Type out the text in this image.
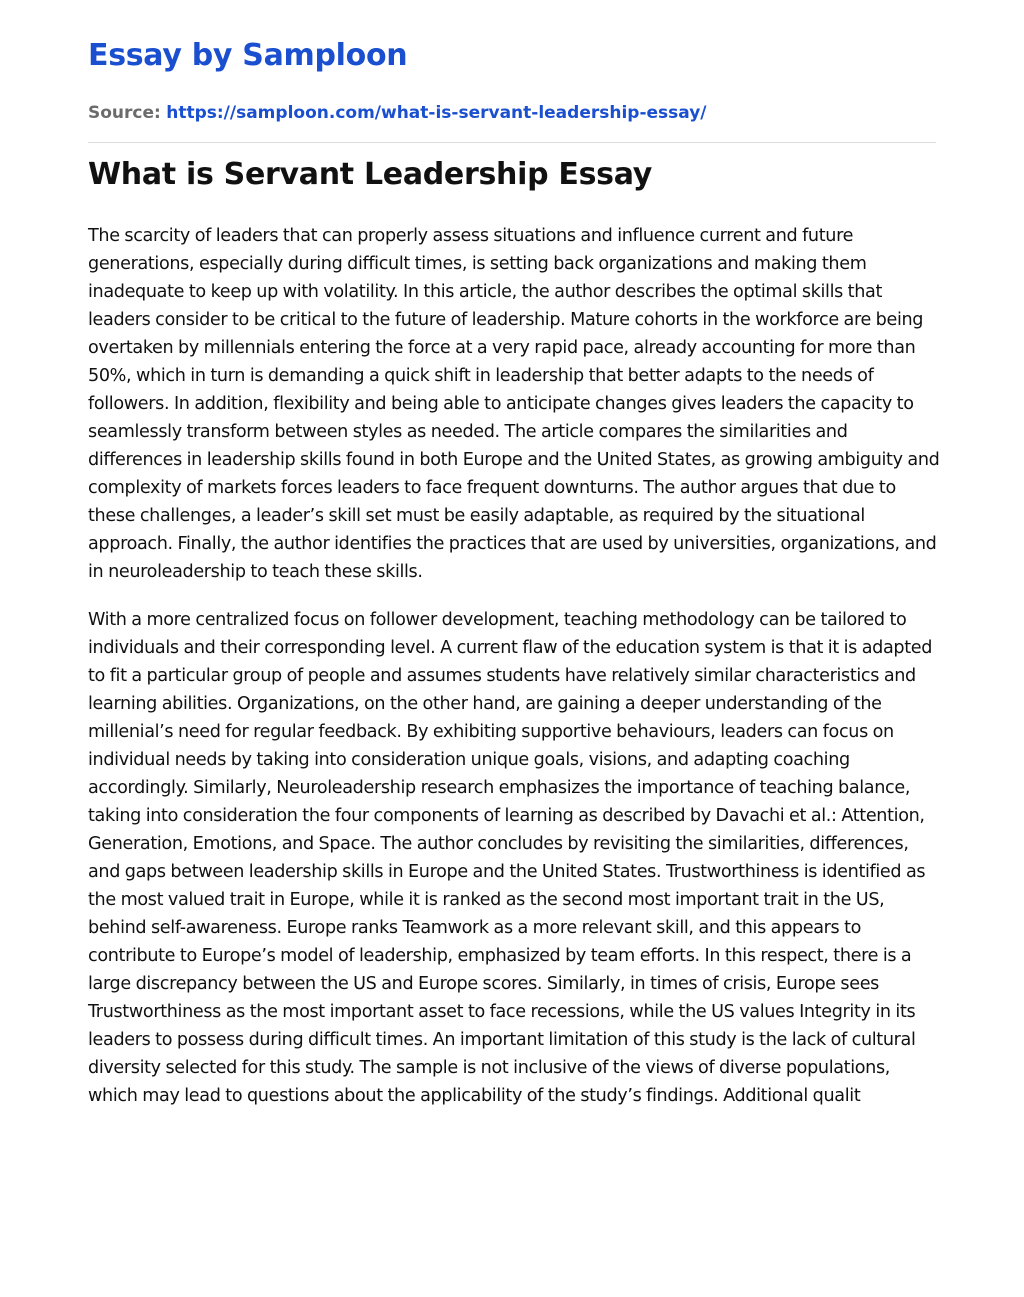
Essay by Samploon
Source: https://samploon.com/what-is-servant-leadership-essay/
What is Servant Leadership Essay

The scarcity of leaders that can properly assess situations and influence current and future generations, especially during difficult times, is setting back organizations and making them inadequate to keep up with volatility. In this article, the author describes the optimal skills that leaders consider to be critical to the future of leadership. Mature cohorts in the workforce are being overtaken by millennials entering the force at a very rapid pace, already accounting for more than 50%, which in turn is demanding a quick shift in leadership that better adapts to the needs of followers. In addition, flexibility and being able to anticipate changes gives leaders the capacity to seamlessly transform between styles as needed. The article compares the similarities and differences in leadership skills found in both Europe and the United States, as growing ambiguity and complexity of markets forces leaders to face frequent downturns. The author argues that due to these challenges, a leader’s skill set must be easily adaptable, as required by the situational approach. Finally, the author identifies the practices that are used by universities, organizations, and in neuroleadership to teach these skills.

With a more centralized focus on follower development, teaching methodology can be tailored to individuals and their corresponding level. A current flaw of the education system is that it is adapted to fit a particular group of people and assumes students have relatively similar characteristics and learning abilities. Organizations, on the other hand, are gaining a deeper understanding of the millenial’s need for regular feedback. By exhibiting supportive behaviours, leaders can focus on individual needs by taking into consideration unique goals, visions, and adapting coaching accordingly. Similarly, Neuroleadership research emphasizes the importance of teaching balance, taking into consideration the four components of learning as described by Davachi et al.: Attention, Generation, Emotions, and Space. The author concludes by revisiting the similarities, differences, and gaps between leadership skills in Europe and the United States. Trustworthiness is identified as the most valued trait in Europe, while it is ranked as the second most important trait in the US, behind self-awareness. Europe ranks Teamwork as a more relevant skill, and this appears to contribute to Europe’s model of leadership, emphasized by team efforts. In this respect, there is a large discrepancy between the US and Europe scores. Similarly, in times of crisis, Europe sees Trustworthiness as the most important asset to face recessions, while the US values Integrity in its leaders to possess during difficult times. An important limitation of this study is the lack of cultural diversity selected for this study. The sample is not inclusive of the views of diverse populations, which may lead to questions about the applicability of the study’s findings. Additional qualit
